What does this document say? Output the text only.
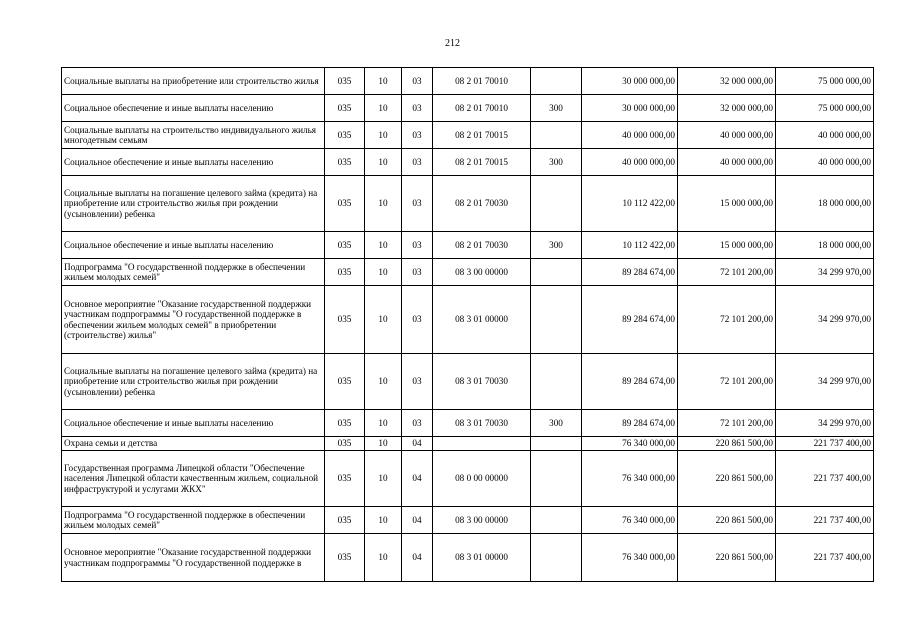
212
Социальные выплаты на приобретение или строительство жилья	035	10	03	08 2 01 70010		30 000 000,00	32 000 000,00	75 000 000,00
Социальное обеспечение и иные выплаты населению	035	10	03	08 2 01 70010	300	30 000 000,00	32 000 000,00	75 000 000,00
Социальные выплаты на строительство индивидуального жилья многодетным семьям	035	10	03	08 2 01 70015		40 000 000,00	40 000 000,00	40 000 000,00
Социальное обеспечение и иные выплаты населению	035	10	03	08 2 01 70015	300	40 000 000,00	40 000 000,00	40 000 000,00
Социальные выплаты на погашение целевого займа (кредита) на приобретение или строительство жилья при рождении (усыновлении) ребенка	035	10	03	08 2 01 70030		10 112 422,00	15 000 000,00	18 000 000,00
Социальное обеспечение и иные выплаты населению	035	10	03	08 2 01 70030	300	10 112 422,00	15 000 000,00	18 000 000,00
Подпрограмма "О государственной поддержке в обеспечении жильем молодых семей"	035	10	03	08 3 00 00000		89 284 674,00	72 101 200,00	34 299 970,00
Основное мероприятие "Оказание государственной поддержки участникам подпрограммы "О государственной поддержке в обеспечении жильем молодых семей" в приобретении (строительстве) жилья"	035	10	03	08 3 01 00000		89 284 674,00	72 101 200,00	34 299 970,00
Социальные выплаты на погашение целевого займа (кредита) на приобретение или строительство жилья при рождении (усыновлении) ребенка	035	10	03	08 3 01 70030		89 284 674,00	72 101 200,00	34 299 970,00
Социальное обеспечение и иные выплаты населению	035	10	03	08 3 01 70030	300	89 284 674,00	72 101 200,00	34 299 970,00
Охрана семьи и детства	035	10	04			76 340 000,00	220 861 500,00	221 737 400,00
Государственная программа Липецкой области "Обеспечение населения Липецкой области качественным жильем, социальной инфраструктурой и услугами ЖКХ"	035	10	04	08 0 00 00000		76 340 000,00	220 861 500,00	221 737 400,00
Подпрограмма "О государственной поддержке в обеспечении жильем молодых семей"	035	10	04	08 3 00 00000		76 340 000,00	220 861 500,00	221 737 400,00
Основное мероприятие "Оказание государственной поддержки участникам подпрограммы "О государственной поддержке в	035	10	04	08 3 01 00000		76 340 000,00	220 861 500,00	221 737 400,00
